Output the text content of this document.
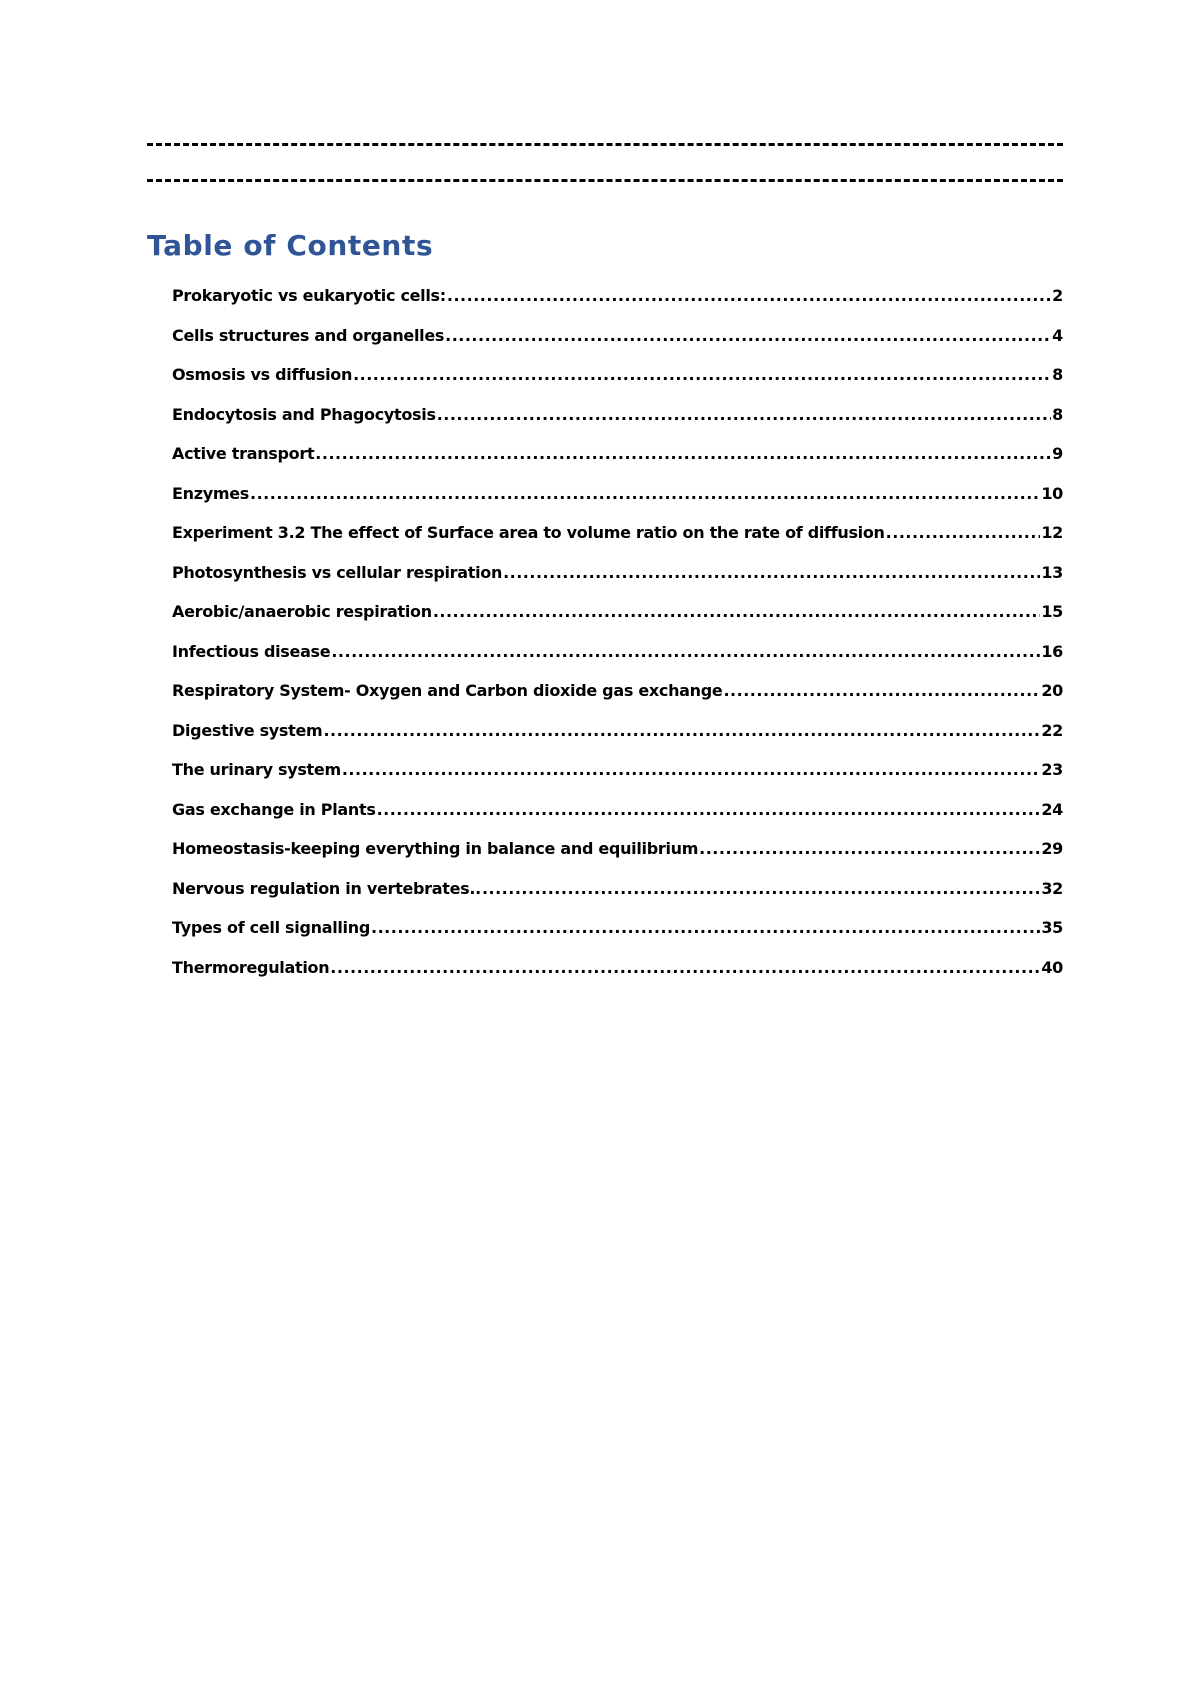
Table of Contents
Prokaryotic vs eukaryotic cells: .....	2
Cells structures and organelles .....	4
Osmosis vs diffusion .....	8
Endocytosis and Phagocytosis .....	8
Active transport .....	9
Enzymes .....	10
Experiment 3.2 The effect of Surface area to volume ratio on the rate of diffusion .....	12
Photosynthesis vs cellular respiration .....	13
Aerobic/anaerobic respiration .....	15
Infectious disease .....	16
Respiratory System- Oxygen and Carbon dioxide gas exchange .....	20
Digestive system .....	22
The urinary system .....	23
Gas exchange in Plants .....	24
Homeostasis-keeping everything in balance and equilibrium .....	29
Nervous regulation in vertebrates.. .....	32
Types of cell signalling .....	35
Thermoregulation .....	40
